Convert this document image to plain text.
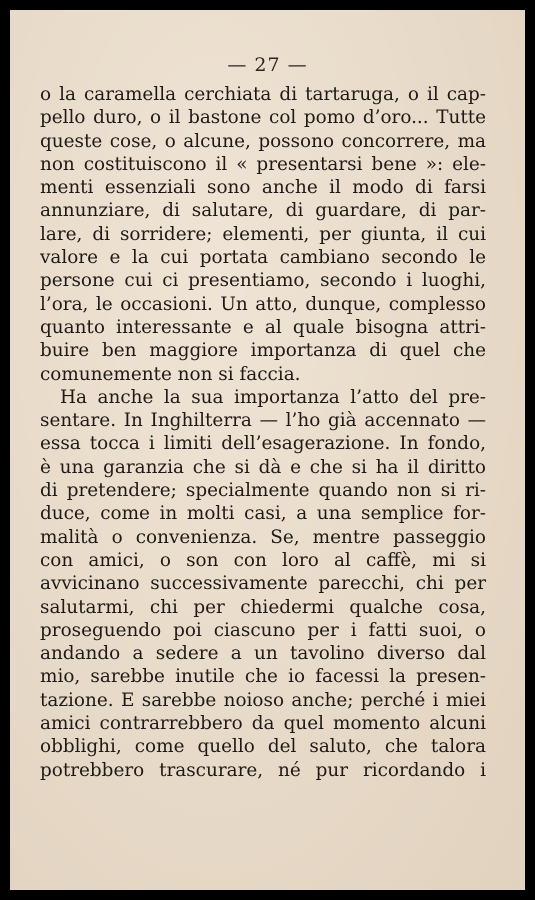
— 27 —
o la caramella cerchiata di tartaruga, o il cap-
pello duro, o il bastone col pomo d’oro... Tutte
queste cose, o alcune, possono concorrere, ma
non costituiscono il « presentarsi bene »: ele-
menti essenziali sono anche il modo di farsi
annunziare, di salutare, di guardare, di par-
lare, di sorridere; elementi, per giunta, il cui
valore e la cui portata cambiano secondo le
persone cui ci presentiamo, secondo i luoghi,
l’ora, le occasioni. Un atto, dunque, complesso
quanto interessante e al quale bisogna attri-
buire ben maggiore importanza di quel che
comunemente non si faccia.
Ha anche la sua importanza l’atto del pre-
sentare. In Inghilterra — l’ho già accennato —
essa tocca i limiti dell’esagerazione. In fondo,
è una garanzia che si dà e che si ha il diritto
di pretendere; specialmente quando non si ri-
duce, come in molti casi, a una semplice for-
malità o convenienza. Se, mentre passeggio
con amici, o son con loro al caffè, mi si
avvicinano successivamente parecchi, chi per
salutarmi, chi per chiedermi qualche cosa,
proseguendo poi ciascuno per i fatti suoi, o
andando a sedere a un tavolino diverso dal
mio, sarebbe inutile che io facessi la presen-
tazione. E sarebbe noioso anche; perché i miei
amici contrarrebbero da quel momento alcuni
obblighi, come quello del saluto, che talora
potrebbero trascurare, né pur ricordando i
